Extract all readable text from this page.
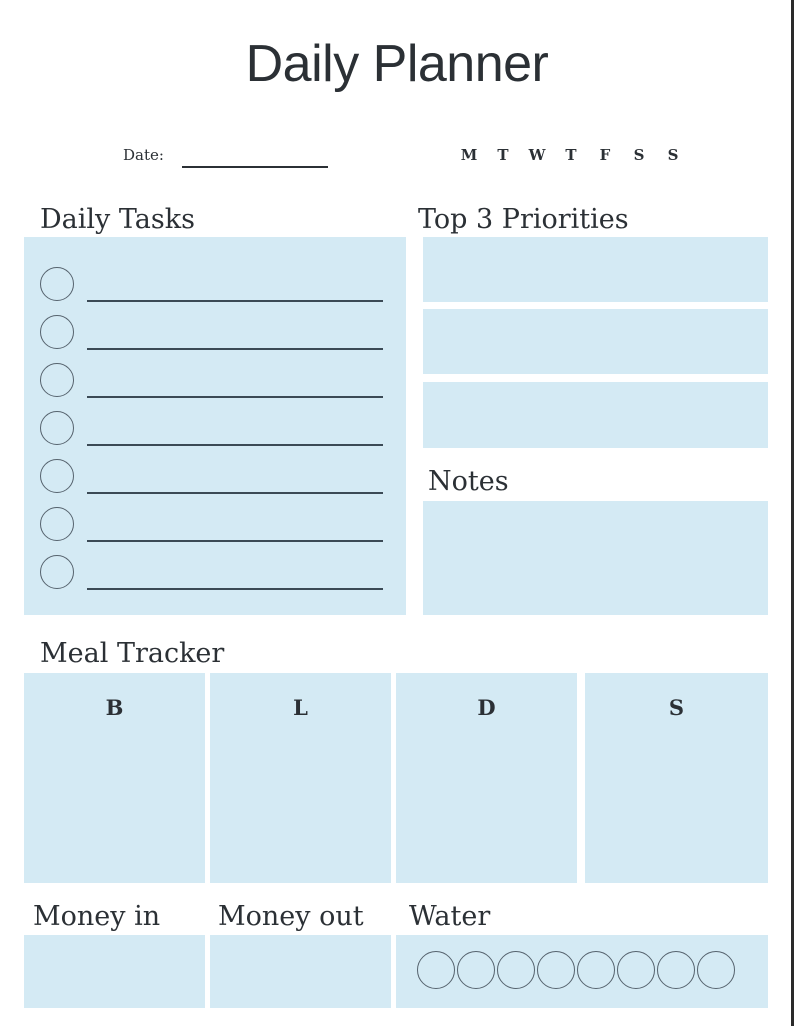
Daily Planner
Date:	M	T	W	T	F	S	S
Daily Tasks	Top 3 Priorities
Notes
Meal Tracker
B	L	D	S
Money in Money out Water
